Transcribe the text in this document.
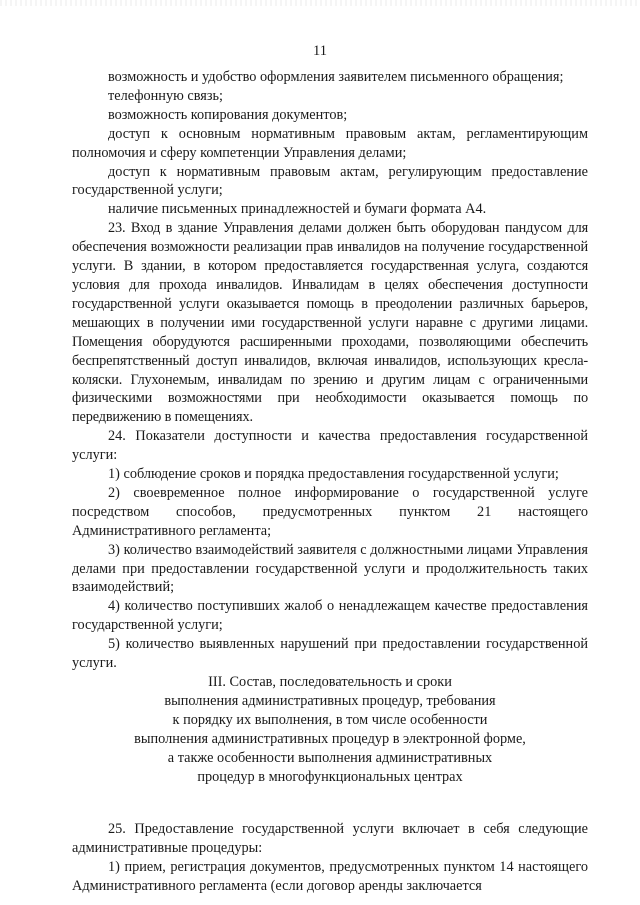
11

возможность и удобство оформления заявителем письменного обращения;

телефонную связь;

возможность копирования документов;

доступ к основным нормативным правовым актам, регламентирующим полномочия и сферу компетенции Управления делами;

доступ к нормативным правовым актам, регулирующим предоставление государственной услуги;

наличие письменных принадлежностей и бумаги формата А4.

23. Вход в здание Управления делами должен быть оборудован пандусом для обеспечения возможности реализации прав инвалидов на получение государственной услуги. В здании, в котором предоставляется государственная услуга, создаются условия для прохода инвалидов. Инвалидам в целях обеспечения доступности государственной услуги оказывается помощь в преодолении различных барьеров, мешающих в получении ими государственной услуги наравне с другими лицами. Помещения оборудуются расширенными проходами, позволяющими обеспечить беспрепятственный доступ инвалидов, включая инвалидов, использующих кресла-коляски. Глухонемым, инвалидам по зрению и другим лицам с ограниченными физическими возможностями при необходимости оказывается помощь по передвижению в помещениях.

24. Показатели доступности и качества предоставления государственной услуги:

1) соблюдение сроков и порядка предоставления государственной услуги;

2) своевременное полное информирование о государственной услуге посредством способов, предусмотренных пунктом 21 настоящего Административного регламента;

3) количество взаимодействий заявителя с должностными лицами Управления делами при предоставлении государственной услуги и продолжительность таких взаимодействий;

4) количество поступивших жалоб о ненадлежащем качестве предоставления государственной услуги;

5) количество выявленных нарушений при предоставлении государственной услуги.

III. Состав, последовательность и сроки
выполнения административных процедур, требования
к порядку их выполнения, в том числе особенности
выполнения административных процедур в электронной форме,
а также особенности выполнения административных
процедур в многофункциональных центрах

25. Предоставление государственной услуги включает в себя следующие административные процедуры:

1) прием, регистрация документов, предусмотренных пунктом 14 настоящего Административного регламента (если договор аренды заключается
